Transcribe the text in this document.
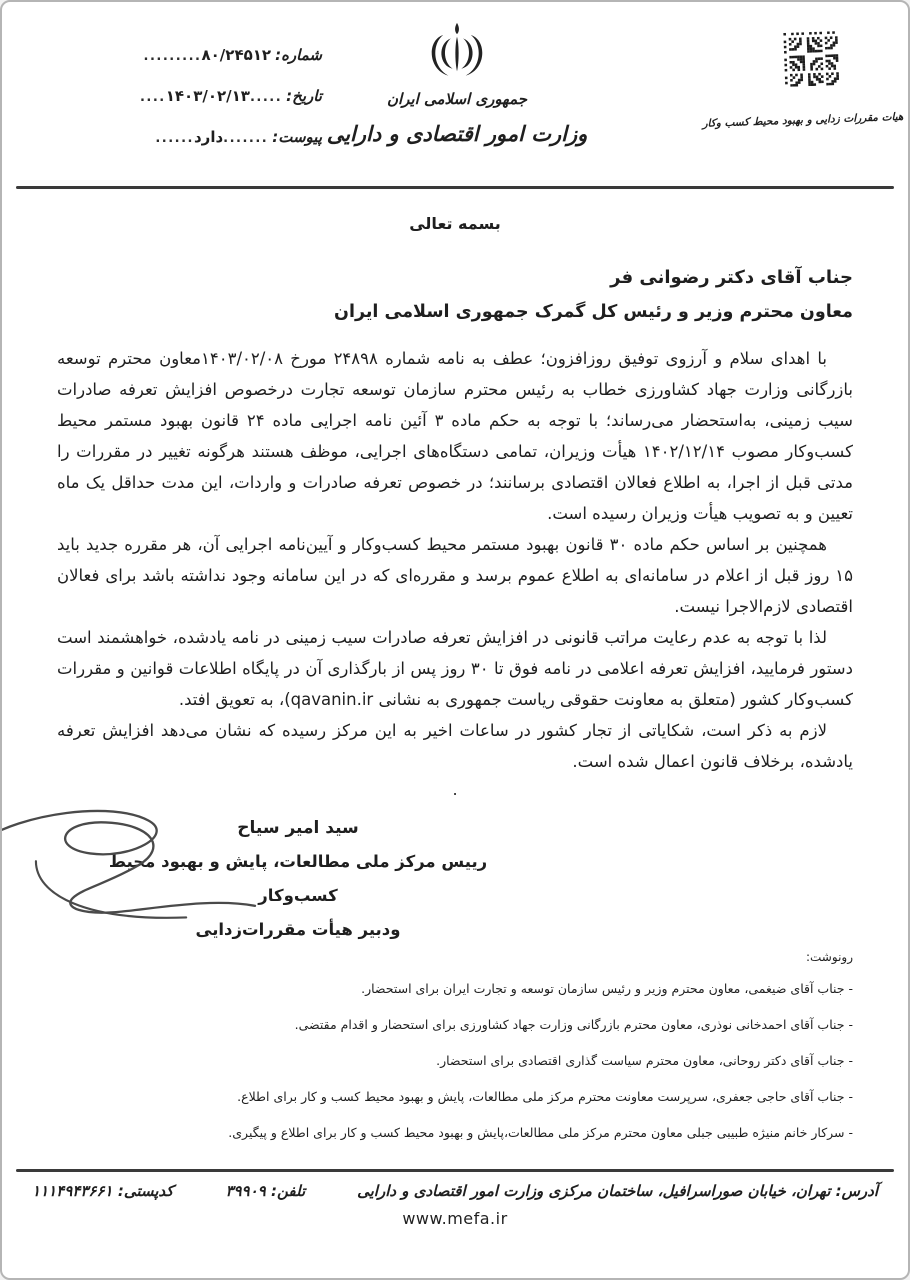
شماره:
۸۰/۲۴۵۱۲
.........
تاریخ:
.....
۱۴۰۳/۰۲/۱۳
....
پیوست:
.......
دارد
......
جمهوری اسلامی ایران
وزارت امور اقتصادی و دارایی
هیات مقررات زدایی و بهبود محیط کسب وکار
بسمه تعالی

جناب آقای دکتر رضوانی فر

معاون محترم وزیر و رئیس کل گمرک جمهوری اسلامی ایران

با اهدای سلام و آرزوی توفیق روزافزون؛ عطف به نامه شماره ۲۴۸۹۸ مورخ ۱۴۰۳/۰۲/۰۸معاون محترم توسعه بازرگانی وزارت جهاد کشاورزی خطاب به رئیس محترم سازمان توسعه تجارت درخصوص افزایش تعرفه صادرات سیب زمینی، به‌استحضار می‌رساند؛ با توجه به حکم ماده ۳ آئین نامه اجرایی ماده ۲۴ قانون بهبود مستمر محیط کسب‌وکار مصوب ۱۴۰۲/۱۲/۱۴ هیأت وزیران، تمامی دستگاه‌های اجرایی، موظف هستند هرگونه تغییر در مقررات را مدتی قبل از اجرا، به اطلاع فعالان اقتصادی برسانند؛ در خصوص تعرفه صادرات و واردات، این مدت حداقل یک ماه تعیین و به تصویب هیأت وزیران رسیده است.

همچنین بر اساس حکم ماده ۳۰ قانون بهبود مستمر محیط کسب‌وکار و آیین‌نامه اجرایی آن، هر مقرره جدید باید ۱۵ روز قبل از اعلام در سامانه‌ای به اطلاع عموم برسد و مقرره‌ای که در این سامانه وجود نداشته باشد برای فعالان اقتصادی لازم‌الاجرا نیست.

لذا با توجه به عدم رعایت مراتب قانونی در افزایش تعرفه صادرات سیب زمینی در نامه یادشده، خواهشمند است دستور فرمایید، افزایش تعرفه اعلامی در نامه فوق تا ۳۰ روز پس از بارگذاری آن در پایگاه اطلاعات قوانین و مقررات کسب‌وکار کشور (متعلق به معاونت حقوقی ریاست جمهوری به نشانی qavanin.ir)، به تعویق افتد.

لازم به ذکر است، شکایاتی از تجار کشور در ساعات اخیر به این مرکز رسیده که نشان می‌دهد افزایش تعرفه یادشده، برخلاف قانون اعمال شده است.

.

سید امیر سیاح

رییس مرکز ملی مطالعات، پایش و بهبود محیط کسب‌وکار

ودبیر هیأت مقررات‌زدایی

رونوشت:

- جناب آقای ضیغمی، معاون محترم وزیر و رئیس سازمان توسعه و تجارت ایران برای استحضار.

- جناب آقای احمدخانی نوذری، معاون محترم بازرگانی وزارت جهاد کشاورزی برای استحضار و اقدام مقتضی.

- جناب آقای دکتر روحانی، معاون محترم سیاست گذاری اقتصادی برای استحضار.

- جناب آقای حاجی جعفری، سرپرست معاونت محترم مرکز ملی مطالعات، پایش و بهبود محیط کسب و کار برای اطلاع.

- سرکار خانم منیژه طبیبی جبلی معاون محترم مرکز ملی مطالعات،پایش و بهبود محیط کسب و کار برای اطلاع و پیگیری.

آدرس: تهران، خیابان صوراسرافیل، ساختمان مرکزی وزارت امور اقتصادی و دارایی
تلفن: ۳۹۹۰۹
کدپستی: ۱۱۱۴۹۴۳۶۶۱
www.mefa.ir
